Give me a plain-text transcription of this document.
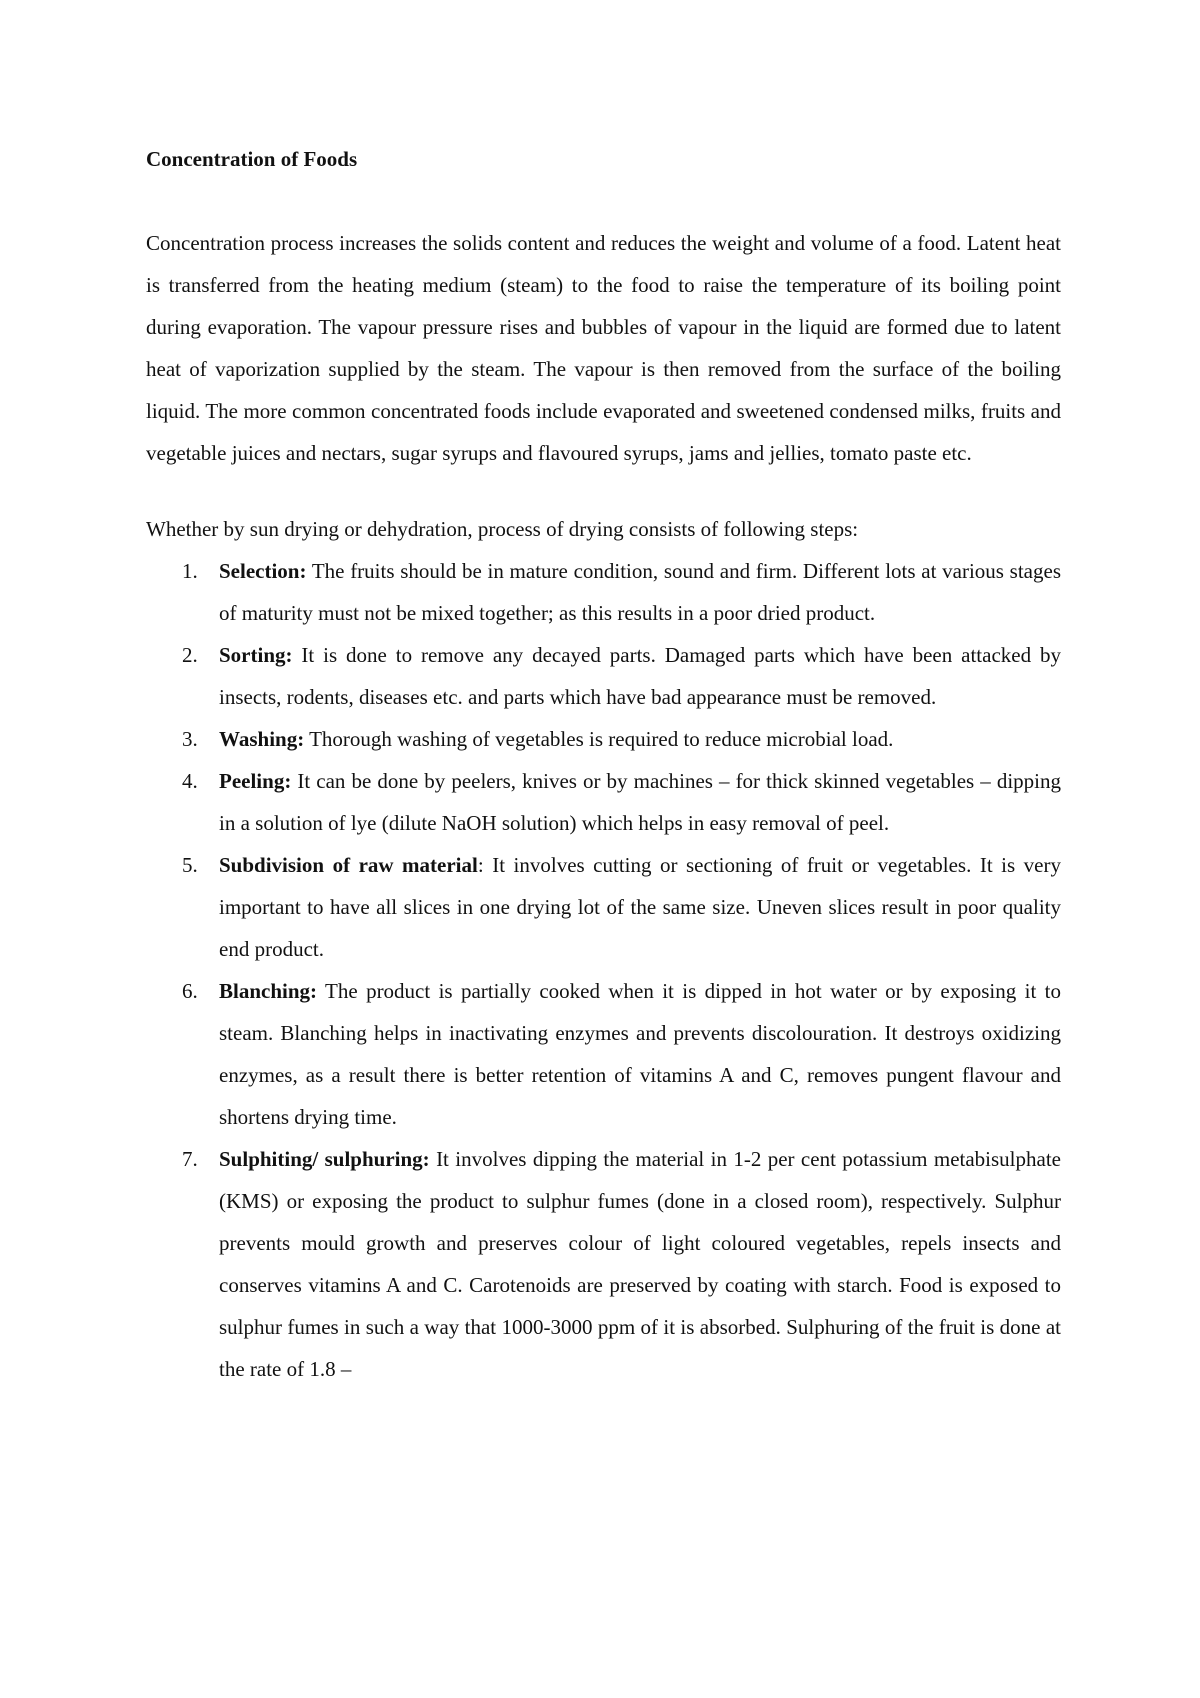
Concentration of Foods

Concentration process increases the solids content and reduces the weight and volume of a food. Latent heat is transferred from the heating medium (steam) to the food to raise the temperature of its boiling point during evaporation. The vapour pressure rises and bubbles of vapour in the liquid are formed due to latent heat of vaporization supplied by the steam. The vapour is then removed from the surface of the boiling liquid. The more common concentrated foods include evaporated and sweetened condensed milks, fruits and vegetable juices and nectars, sugar syrups and flavoured syrups, jams and jellies, tomato paste etc.

Whether by sun drying or dehydration, process of drying consists of following steps:

1. Selection: The fruits should be in mature condition, sound and firm. Different lots at various stages of maturity must not be mixed together; as this results in a poor dried product.
2. Sorting: It is done to remove any decayed parts. Damaged parts which have been attacked by insects, rodents, diseases etc. and parts which have bad appearance must be removed.
3. Washing: Thorough washing of vegetables is required to reduce microbial load.
4. Peeling: It can be done by peelers, knives or by machines – for thick skinned vegetables – dipping in a solution of lye (dilute NaOH solution) which helps in easy removal of peel.
5. Subdivision of raw material: It involves cutting or sectioning of fruit or vegetables. It is very important to have all slices in one drying lot of the same size. Uneven slices result in poor quality end product.
6. Blanching: The product is partially cooked when it is dipped in hot water or by exposing it to steam. Blanching helps in inactivating enzymes and prevents discolouration. It destroys oxidizing enzymes, as a result there is better retention of vitamins A and C, removes pungent flavour and shortens drying time.
7. Sulphiting/ sulphuring: It involves dipping the material in 1-2 per cent potassium metabisulphate (KMS) or exposing the product to sulphur fumes (done in a closed room), respectively. Sulphur prevents mould growth and preserves colour of light coloured vegetables, repels insects and conserves vitamins A and C. Carotenoids are preserved by coating with starch. Food is exposed to sulphur fumes in such a way that 1000-3000 ppm of it is absorbed. Sulphuring of the fruit is done at the rate of 1.8 –
